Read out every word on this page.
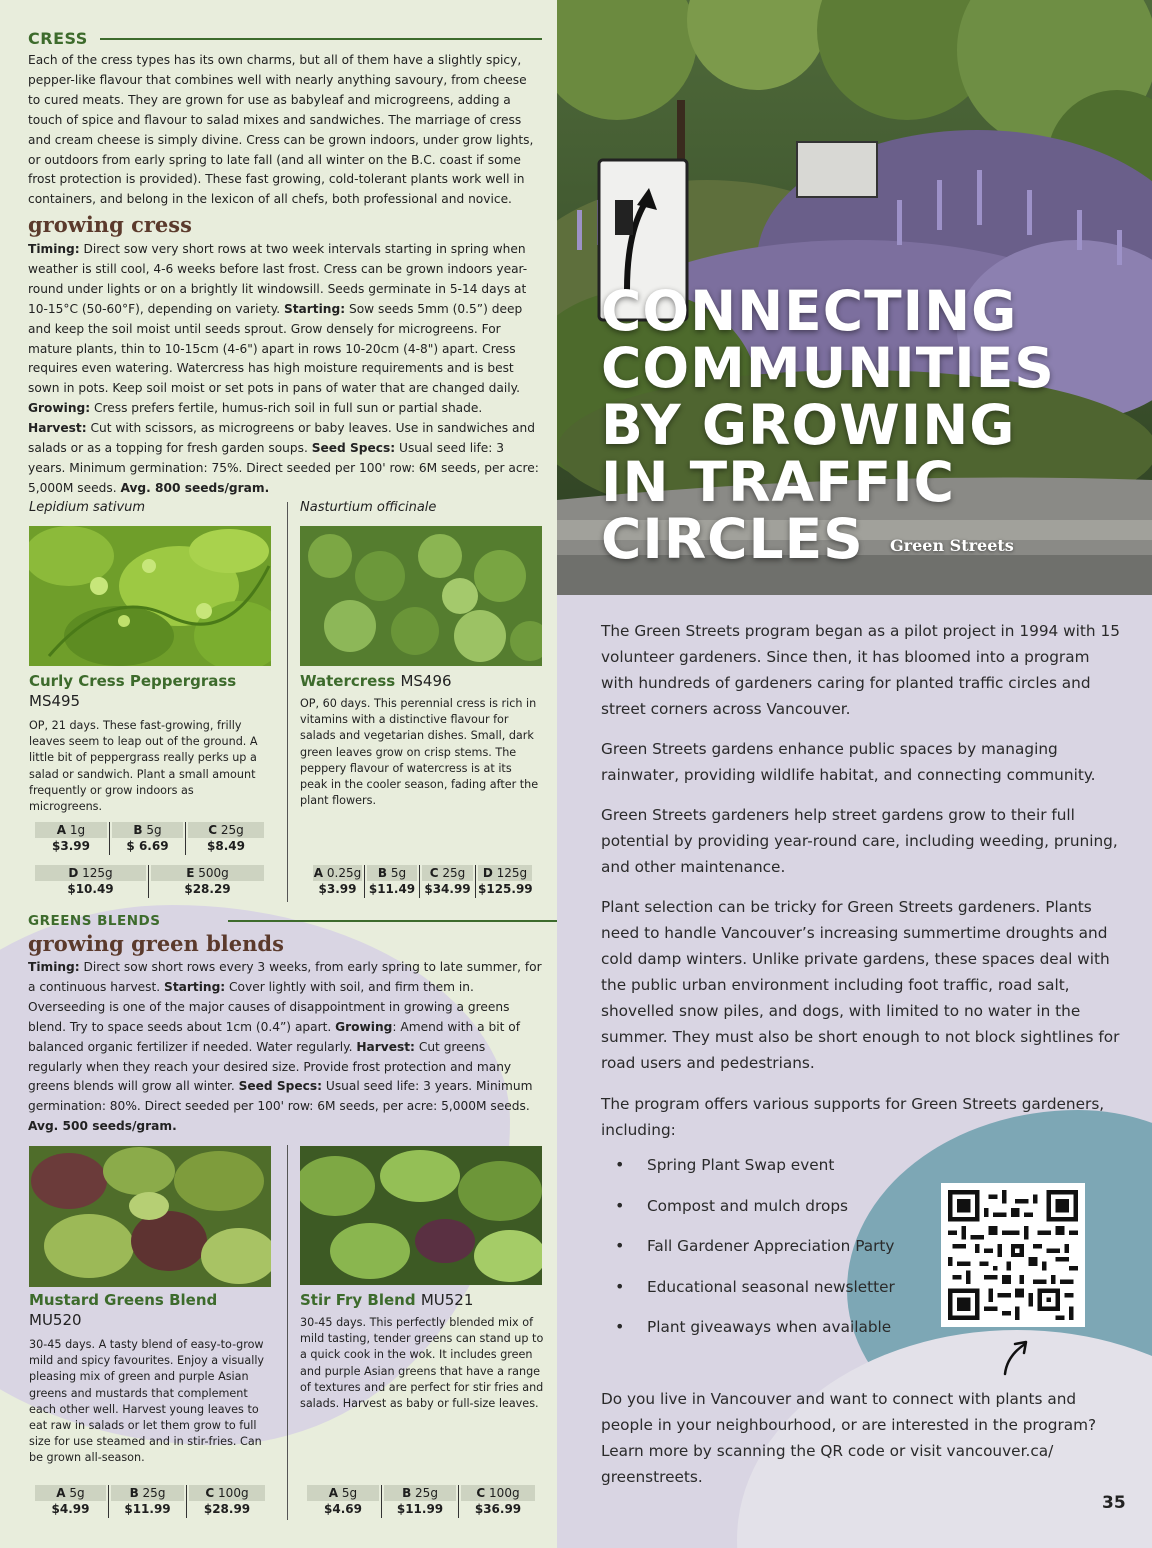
CRESS
Each of the cress types has its own charms, but all of them have a slightly spicy, pepper-like flavour that combines well with nearly anything savoury, from cheese to cured meats. They are grown for use as babyleaf and microgreens, adding a touch of spice and flavour to salad mixes and sandwiches. The marriage of cress and cream cheese is simply divine. Cress can be grown indoors, under grow lights, or outdoors from early spring to late fall (and all winter on the B.C. coast if some frost protection is provided). These fast growing, cold-tolerant plants work well in containers, and belong in the lexicon of all chefs, both professional and novice.
growing cress
Timing: Direct sow very short rows at two week intervals starting in spring when weather is still cool, 4-6 weeks before last frost. Cress can be grown indoors year-round under lights or on a brightly lit windowsill. Seeds germinate in 5-14 days at 10-15°C (50-60°F), depending on variety. Starting: Sow seeds 5mm (0.5”) deep and keep the soil moist until seeds sprout. Grow densely for microgreens. For mature plants, thin to 10-15cm (4-6") apart in rows 10-20cm (4-8") apart. Cress requires even watering. Watercress has high moisture requirements and is best sown in pots. Keep soil moist or set pots in pans of water that are changed daily. Growing: Cress prefers fertile, humus-rich soil in full sun or partial shade. Harvest: Cut with scissors, as microgreens or baby leaves. Use in sandwiches and salads or as a topping for fresh garden soups. Seed Specs: Usual seed life: 3 years. Minimum germination: 75%. Direct seeded per 100' row: 6M seeds, per acre: 5,000M seeds. Avg. 800 seeds/gram.
Lepidium sativum	Nasturtium officinale
Curly Cress Peppergrass
MS495
OP, 21 days. These fast-growing, frilly leaves seem to leap out of the ground. A little bit of peppergrass really perks up a salad or sandwich. Plant a small amount frequently or grow indoors as microgreens.
A 1g
$3.99
B 5g
$ 6.69
C 25g
$8.49
D 125g
$10.49
E 500g
$28.29
Watercress MS496
OP, 60 days. This perennial cress is rich in vitamins with a distinctive flavour for salads and vegetarian dishes. Small, dark green leaves grow on crisp stems. The peppery flavour of watercress is at its peak in the cooler season, fading after the plant flowers.
A 0.25g
$3.99
B 5g
$11.49
C 25g
$34.99
D 125g
$125.99
GREENS BLENDS
growing green blends
Timing: Direct sow short rows every 3 weeks, from early spring to late summer, for a continuous harvest. Starting: Cover lightly with soil, and firm them in. Overseeding is one of the major causes of disappointment in growing a greens blend. Try to space seeds about 1cm (0.4”) apart. Growing: Amend with a bit of balanced organic fertilizer if needed. Water regularly. Harvest: Cut greens regularly when they reach your desired size. Provide frost protection and many greens blends will grow all winter. Seed Specs: Usual seed life: 3 years. Minimum germination: 80%. Direct seeded per 100' row: 6M seeds, per acre: 5,000M seeds. Avg. 500 seeds/gram.
Mustard Greens Blend
MU520
30-45 days. A tasty blend of easy-to-grow mild and spicy favourites. Enjoy a visually pleasing mix of green and purple Asian greens and mustards that complement each other well. Harvest young leaves to eat raw in salads or let them grow to full size for use steamed and in stir-fries. Can be grown all-season.
A 5g
$4.99
B 25g
$11.99
C 100g
$28.99
Stir Fry Blend MU521
30-45 days. This perfectly blended mix of mild tasting, tender greens can stand up to a quick cook in the wok. It includes green and purple Asian greens that have a range of textures and are perfect for stir fries and salads. Harvest as baby or full-size leaves.
A 5g
$4.69
B 25g
$11.99
C 100g
$36.99
CONNECTING
COMMUNITIES
BY GROWING
IN TRAFFIC
CIRCLES	Green Streets
The Green Streets program began as a pilot project in 1994 with 15 volunteer gardeners. Since then, it has bloomed into a program with hundreds of gardeners caring for planted traffic circles and street corners across Vancouver.
Green Streets gardens enhance public spaces by managing rainwater, providing wildlife habitat, and connecting community.
Green Streets gardeners help street gardens grow to their full potential by providing year-round care, including weeding, pruning, and other maintenance.
Plant selection can be tricky for Green Streets gardeners. Plants need to handle Vancouver’s increasing summertime droughts and cold damp winters. Unlike private gardens, these spaces deal with the public urban environment including foot traffic, road salt, shovelled snow piles, and dogs, with limited to no water in the summer. They must also be short enough to not block sightlines for road users and pedestrians.
The program offers various supports for Green Streets gardeners, including:
• Spring Plant Swap event
• Compost and mulch drops
• Fall Gardener Appreciation Party
• Educational seasonal newsletter
• Plant giveaways when available
Do you live in Vancouver and want to connect with plants and people in your neighbourhood, or are interested in the program? Learn more by scanning the QR code or visit vancouver.ca/ greenstreets.
35
